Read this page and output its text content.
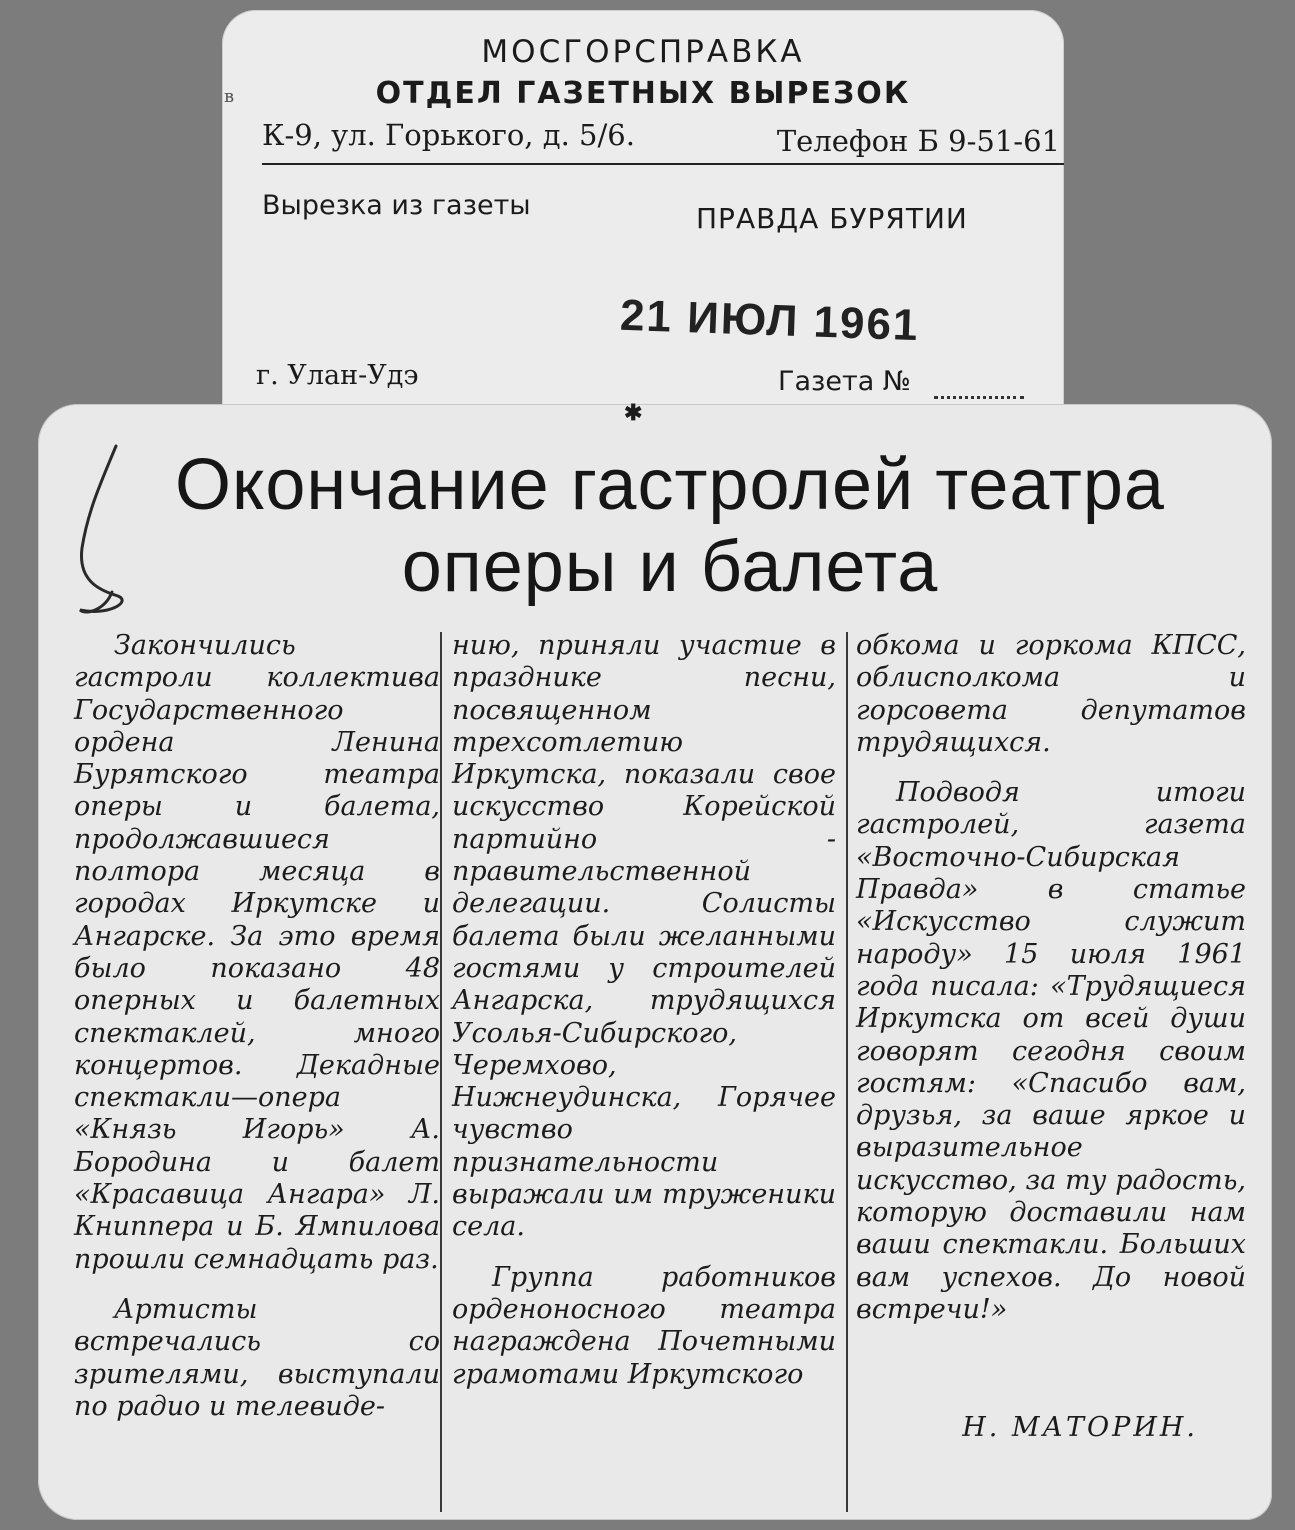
в
МОСГОРСПРАВКА
ОТДЕЛ ГАЗЕТНЫХ ВЫРЕЗОК
К-9, ул. Горького, д. 5/6.	Телефон Б 9-51-61
Вырезка из газеты	ПРАВДА БУРЯТИИ
21 ИЮЛ 1961
г. Улан-Удэ	Газета №
✱
Окончание гастролей театра оперы и балета

Закончились гастроли коллектива Государственного ордена Ленина Бурятского театра оперы и балета, продолжавшиеся полтора месяца в городах Иркутске и Ангарске. За это время было показано 48 оперных и балетных спектаклей, много концертов. Декадные спектакли—опера «Князь Игорь» А. Бородина и балет «Красавица Ангара» Л. Книппера и Б. Ямпилова прошли семнадцать раз.

Артисты встречались со зрителями, выступали по радио и телевиде-

нию, приняли участие в празднике песни, посвященном трехсотлетию Иркутска, показали свое искусство Корейской партийно - правительственной делегации. Солисты балета были желанными гостями у строителей Ангарска, трудящихся Усолья-Сибирского, Черемхово, Нижнеудинска, Горячее чувство признательности выражали им труженики села.

Группа работников орденоносного театра награждена Почетными грамотами Иркутского

обкома и горкома КПСС, облисполкома и горсовета депутатов трудящихся.

Подводя итоги гастролей, газета «Восточно-Сибирская Правда» в статье «Искусство служит народу» 15 июля 1961 года писала: «Трудящиеся Иркутска от всей души говорят сегодня своим гостям: «Спасибо вам, друзья, за ваше яркое и выразительное искусство, за ту радость, которую доставили нам ваши спектакли. Больших вам успехов. До новой встречи!»

Н. МАТОРИН.
